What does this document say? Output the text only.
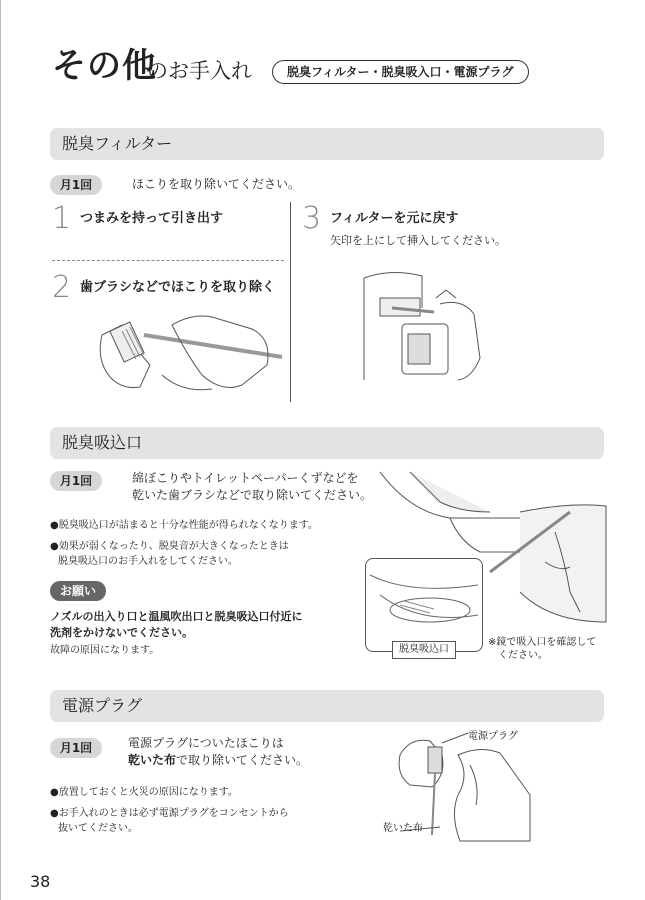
その他
のお手入れ	脱臭フィルター・脱臭吸入口・電源プラグ
脱臭フィルター
月1回	ほこりを取り除いてください。
1 つまみを持って引き出す
2 歯ブラシなどでほこりを取り除く
3 フィルターを元に戻す
矢印を上にして挿入してください。
脱臭吸込口
月1回	綿ぼこりやトイレットペーパーくずなどを
乾いた歯ブラシなどで取り除いてください。
●脱臭吸込口が詰まると十分な性能が得られなくなります。
●効果が弱くなったり、脱臭音が大きくなったときは
脱臭吸込口のお手入れをしてください。
お願い
ノズルの出入り口と温風吹出口と脱臭吸込口付近に
洗剤をかけないでください。
故障の原因になります。	脱臭吸込口
※鏡で吸入口を確認して
ください。
電源プラグ
月1回	電源プラグについたほこりは
乾いた布で取り除いてください。
●放置しておくと火災の原因になります。
●お手入れのときは必ず電源プラグをコンセントから
抜いてください。
電源プラグ
乾いた布
38
